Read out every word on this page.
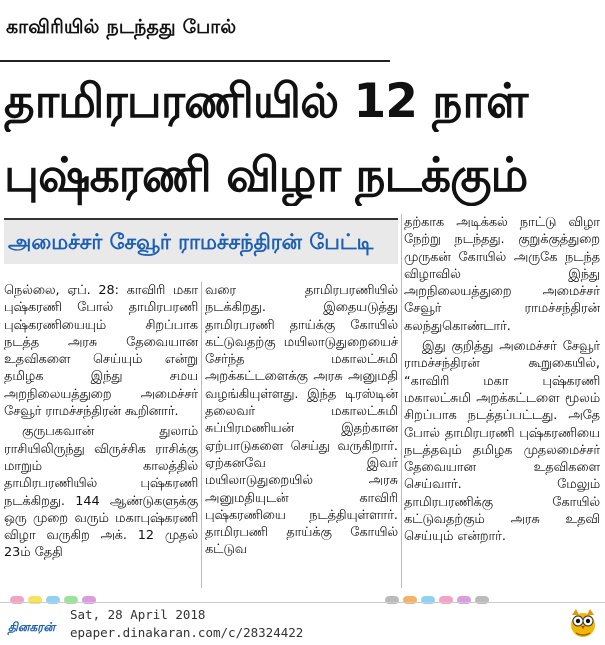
காவிரியில் நடந்தது போல்
தாமிரபரணியில் 12 நாள்
புஷ்கரணி விழா நடக்கும்
அமைச்சர் சேவூர் ராமச்சந்திரன் பேட்டி

நெல்லை, ஏப். 28: காவிரி மகா புஷ்கரணி போல் தாமிரபரணி புஷ்கரணியையும் சிறப்பாக நடத்த அரசு தேவையான உதவிகளை செய்யும் என்று தமிழக இந்து சமய அறநிலையத்துறை அமைச்சர் சேவூர் ராமச்சந்திரன் கூறினார்.

குருபகவான் துலாம் ராசியிலிருந்து விருச்சிக ராசிக்கு மாறும் காலத்தில் தாமிரபரணியில் புஷ்கரணி நடக்கிறது. 144 ஆண்டுகளுக்கு ஒரு முறை வரும் மகாபுஷ்கரணி விழா வருகிற அக். 12 முதல் 23ம் தேதி

வரை தாமிரபரணியில் நடக்கிறது. இதையடுத்து தாமிரபரணி தாய்க்கு கோயில் கட்டுவதற்கு மயிலாடுதுறையைச் சேர்ந்த மகாலட்சுமி அறக்கட்டளைக்கு அரசு அனுமதி வழங்கியுள்ளது. இந்த டிரஸ்டின் தலைவர் மகாலட்சுமி சுப்பிரமணியன் இதற்கான ஏற்பாடுகளை செய்து வருகிறார். ஏற்கனவே இவர் மயிலாடுதுறையில் அரசு அனுமதியுடன் காவிரி புஷ்கரணியை நடத்தியுள்ளார். தாமிரபணி தாய்க்கு கோயில் கட்டுவ

தற்காக அடிக்கல் நாட்டு விழா நேற்று நடந்தது. குறுக்குத்துறை முருகன் கோயில் அருகே நடந்த விழாவில் இந்து அறநிலையத்துறை அமைச்சர் சேவூர் ராமச்சந்திரன் கலந்துகொண்டார்.

இது குறித்து அமைச்சர் சேவூர் ராமச்சந்திரன் கூறுகையில், “காவிரி மகா புஷ்கரணி மகாலட்சுமி அறக்கட்டளை மூலம் சிறப்பாக நடத்தப்பட்டது. அதே போல் தாமிரபரணி புஷ்கரணியை நடத்தவும் தமிழக முதலமைச்சர் தேவையான உதவிகளை செய்வார். மேலும் தாமிரபரணிக்கு கோயில் கட்டுவதற்கும் அரசு உதவி செய்யும் என்றார்.

தினகரன்
Sat, 28 April 2018
epaper.dinakaran.com/c/28324422
